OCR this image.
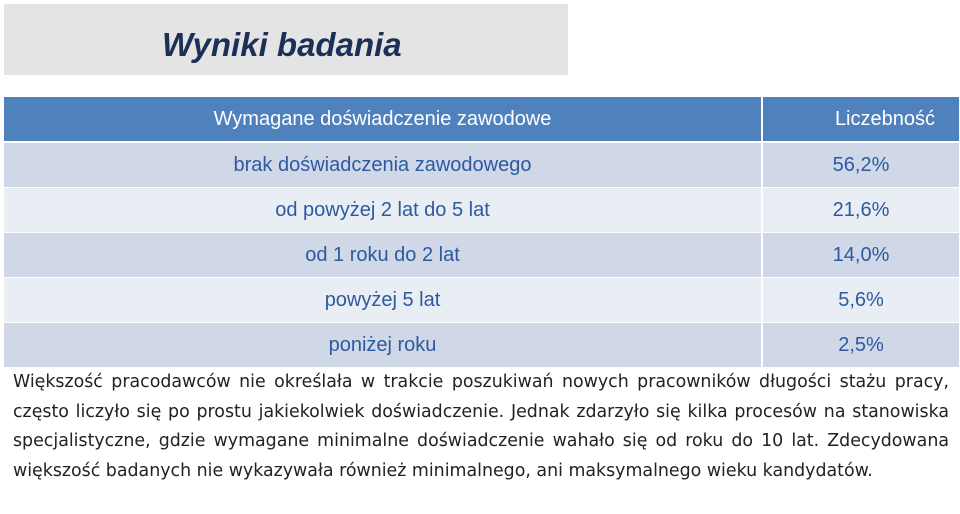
Wyniki badania
Wymagane doświadczenie zawodowe	Liczebność
brak doświadczenia zawodowego	56,2%
od powyżej 2 lat do 5 lat	21,6%
od 1 roku do 2 lat	14,0%
powyżej 5 lat	5,6%
poniżej roku	2,5%

Większość pracodawców nie określała w trakcie poszukiwań nowych pracowników długości stażu pracy, często liczyło się po prostu jakiekolwiek doświadczenie. Jednak zdarzyło się kilka procesów na stanowiska specjalistyczne, gdzie wymagane minimalne doświadczenie wahało się od roku do 10 lat. Zdecydowana większość badanych nie wykazywała również minimalnego, ani maksymalnego wieku kandydatów.
